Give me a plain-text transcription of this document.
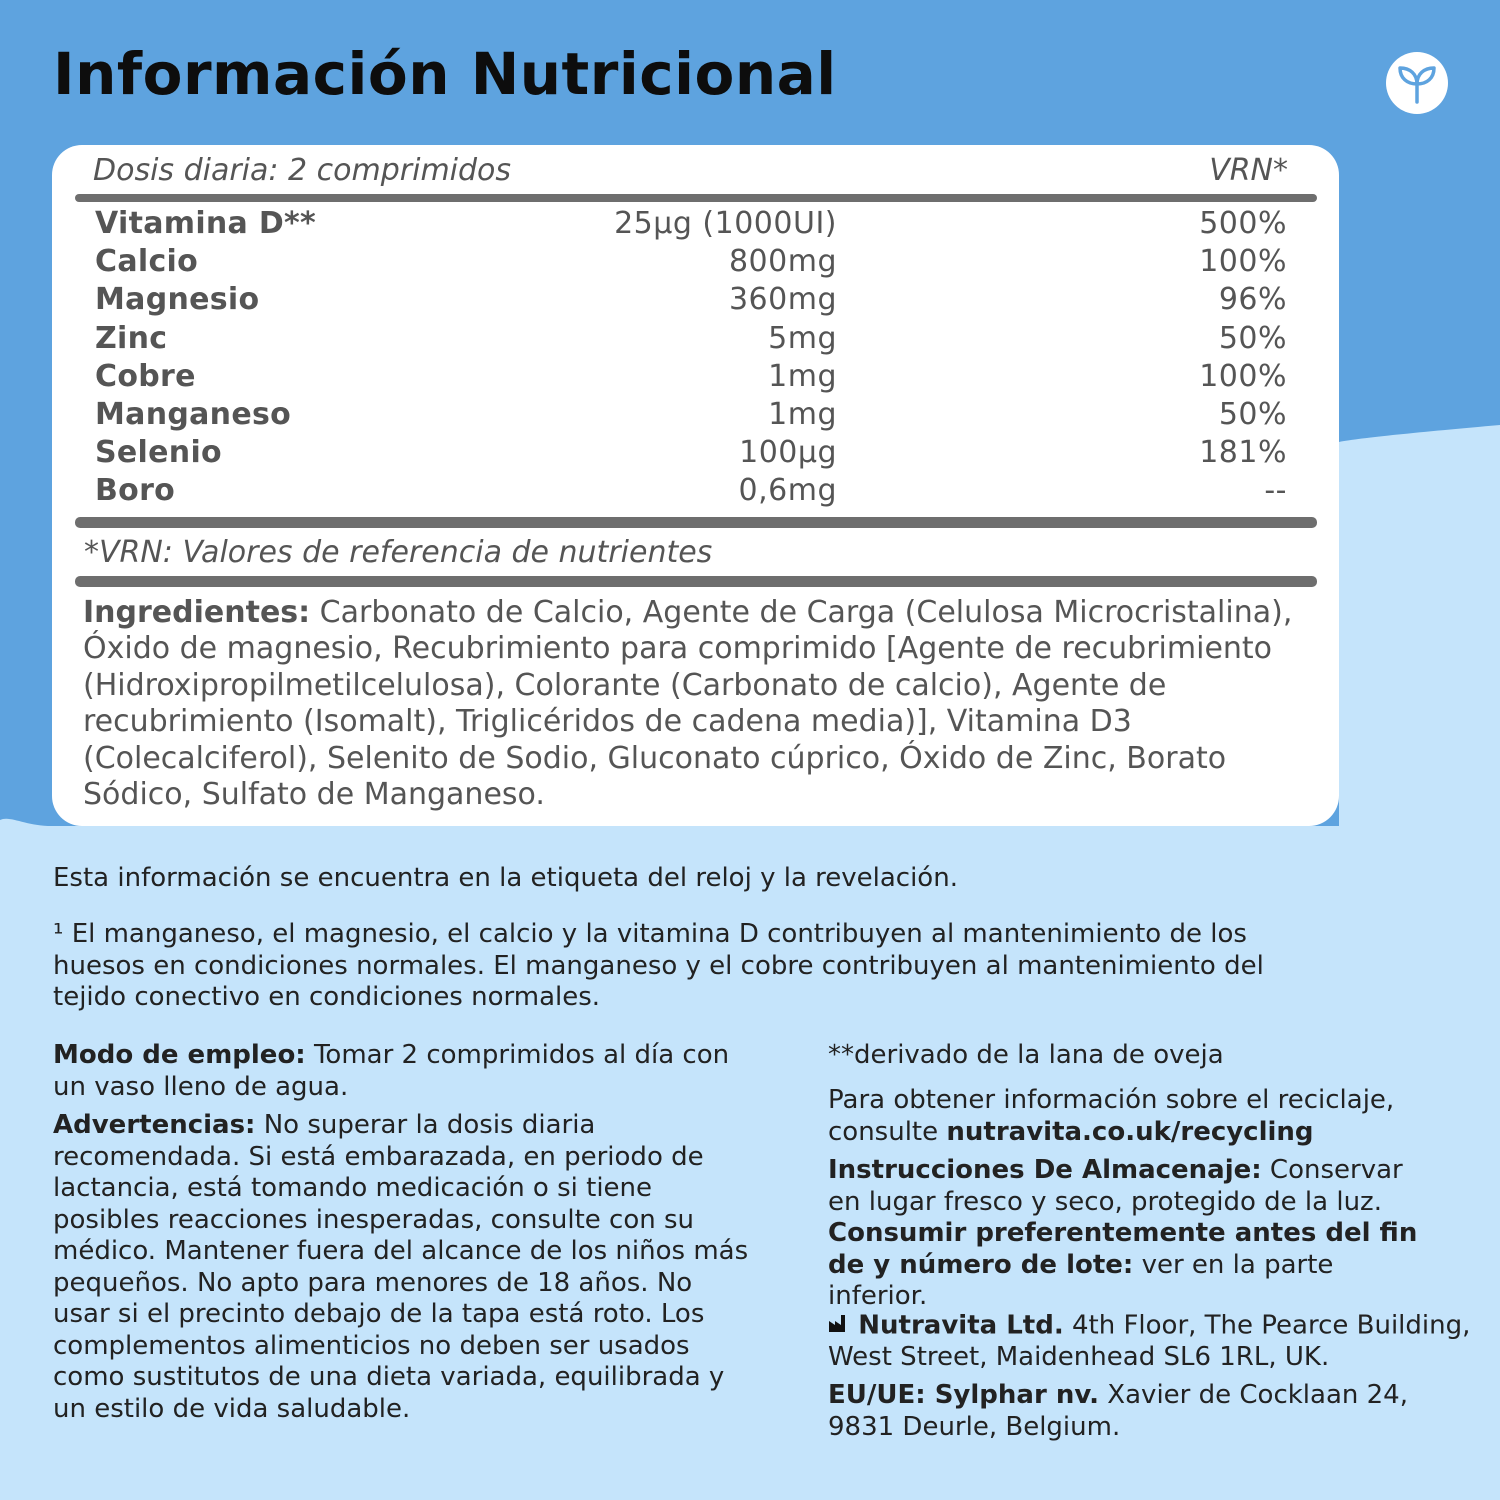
Información Nutricional
Dosis diaria: 2 comprimidos	VRN*
Vitamina D**	25µg (1000UI)	500%
Calcio	800mg	100%
Magnesio	360mg	96%
Zinc	5mg	50%
Cobre	1mg	100%
Manganeso	1mg	50%
Selenio	100µg	181%
Boro	0,6mg	--
*VRN: Valores de referencia de nutrientes

Ingredientes: Carbonato de Calcio, Agente de Carga (Celulosa Microcristalina), Óxido de magnesio, Recubrimiento para comprimido [Agente de recubrimiento (Hidroxipropilmetilcelulosa), Colorante (Carbonato de calcio), Agente de recubrimiento (Isomalt), Triglicéridos de cadena media)], Vitamina D3 (Colecalciferol), Selenito de Sodio, Gluconato cúprico, Óxido de Zinc, Borato Sódico, Sulfato de Manganeso.

Esta información se encuentra en la etiqueta del reloj y la revelación.

¹ El manganeso, el magnesio, el calcio y la vitamina D contribuyen al mantenimiento de los huesos en condiciones normales. El manganeso y el cobre contribuyen al mantenimiento del tejido conectivo en condiciones normales.

Modo de empleo: Tomar 2 comprimidos al día con un vaso lleno de agua.

Advertencias: No superar la dosis diaria recomendada. Si está embarazada, en periodo de lactancia, está tomando medicación o si tiene posibles reacciones inesperadas, consulte con su médico. Mantener fuera del alcance de los niños más pequeños. No apto para menores de 18 años. No usar si el precinto debajo de la tapa está roto. Los complementos alimenticios no deben ser usados como sustitutos de una dieta variada, equilibrada y un estilo de vida saludable.

**derivado de la lana de oveja

Para obtener información sobre el reciclaje, consulte nutravita.co.uk/recycling

Instrucciones De Almacenaje: Conservar en lugar fresco y seco, protegido de la luz.
Consumir preferentemente antes del fin de y número de lote: ver en la parte inferior.

Nutravita Ltd. 4th Floor, The Pearce Building, West Street, Maidenhead SL6 1RL, UK.

EU/UE: Sylphar nv. Xavier de Cocklaan 24, 9831 Deurle, Belgium.
